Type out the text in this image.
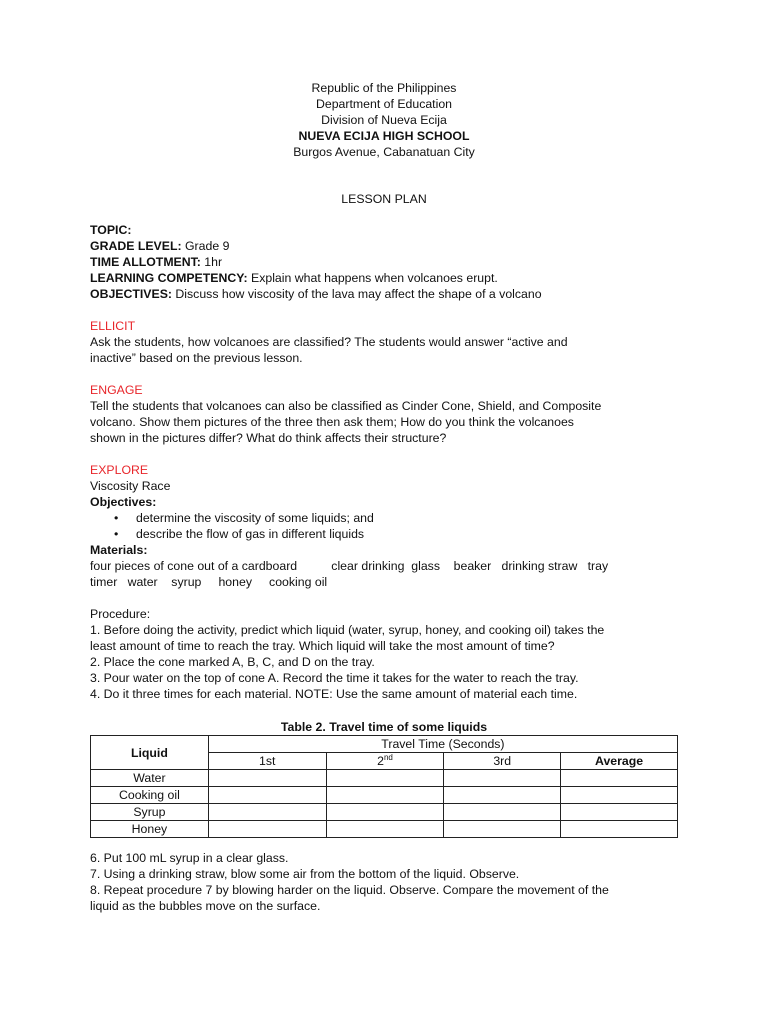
Republic of the Philippines
Department of Education
Division of Nueva Ecija
NUEVA ECIJA HIGH SCHOOL
Burgos Avenue, Cabanatuan City
LESSON PLAN
TOPIC:
GRADE LEVEL: Grade 9
TIME ALLOTMENT: 1hr
LEARNING COMPETENCY: Explain what happens when volcanoes erupt.
OBJECTIVES: Discuss how viscosity of the lava may affect the shape of a volcano
ELLICIT
Ask the students, how volcanoes are classified? The students would answer “active and
inactive” based on the previous lesson.
ENGAGE
Tell the students that volcanoes can also be classified as Cinder Cone, Shield, and Composite
volcano. Show them pictures of the three then ask them; How do you think the volcanoes
shown in the pictures differ? What do think affects their structure?
EXPLORE
Viscosity Race
Objectives:
• determine the viscosity of some liquids; and
• describe the flow of gas in different liquids
Materials:
four pieces of cone out of a cardboard          clear drinking  glass    beaker   drinking straw   tray
timer   water    syrup     honey     cooking oil
Procedure:
1. Before doing the activity, predict which liquid (water, syrup, honey, and cooking oil) takes the
least amount of time to reach the tray. Which liquid will take the most amount of time?
2. Place the cone marked A, B, C, and D on the tray.
3. Pour water on the top of cone A. Record the time it takes for the water to reach the tray.
4. Do it three times for each material. NOTE: Use the same amount of material each time.
Table 2. Travel time of some liquids
Liquid	Travel Time (Seconds)			
	1st	2nd	3rd	Average
Water				
Cooking oil				
Syrup				
Honey				
6. Put 100 mL syrup in a clear glass.
7. Using a drinking straw, blow some air from the bottom of the liquid. Observe.
8. Repeat procedure 7 by blowing harder on the liquid. Observe. Compare the movement of the
liquid as the bubbles move on the surface.
